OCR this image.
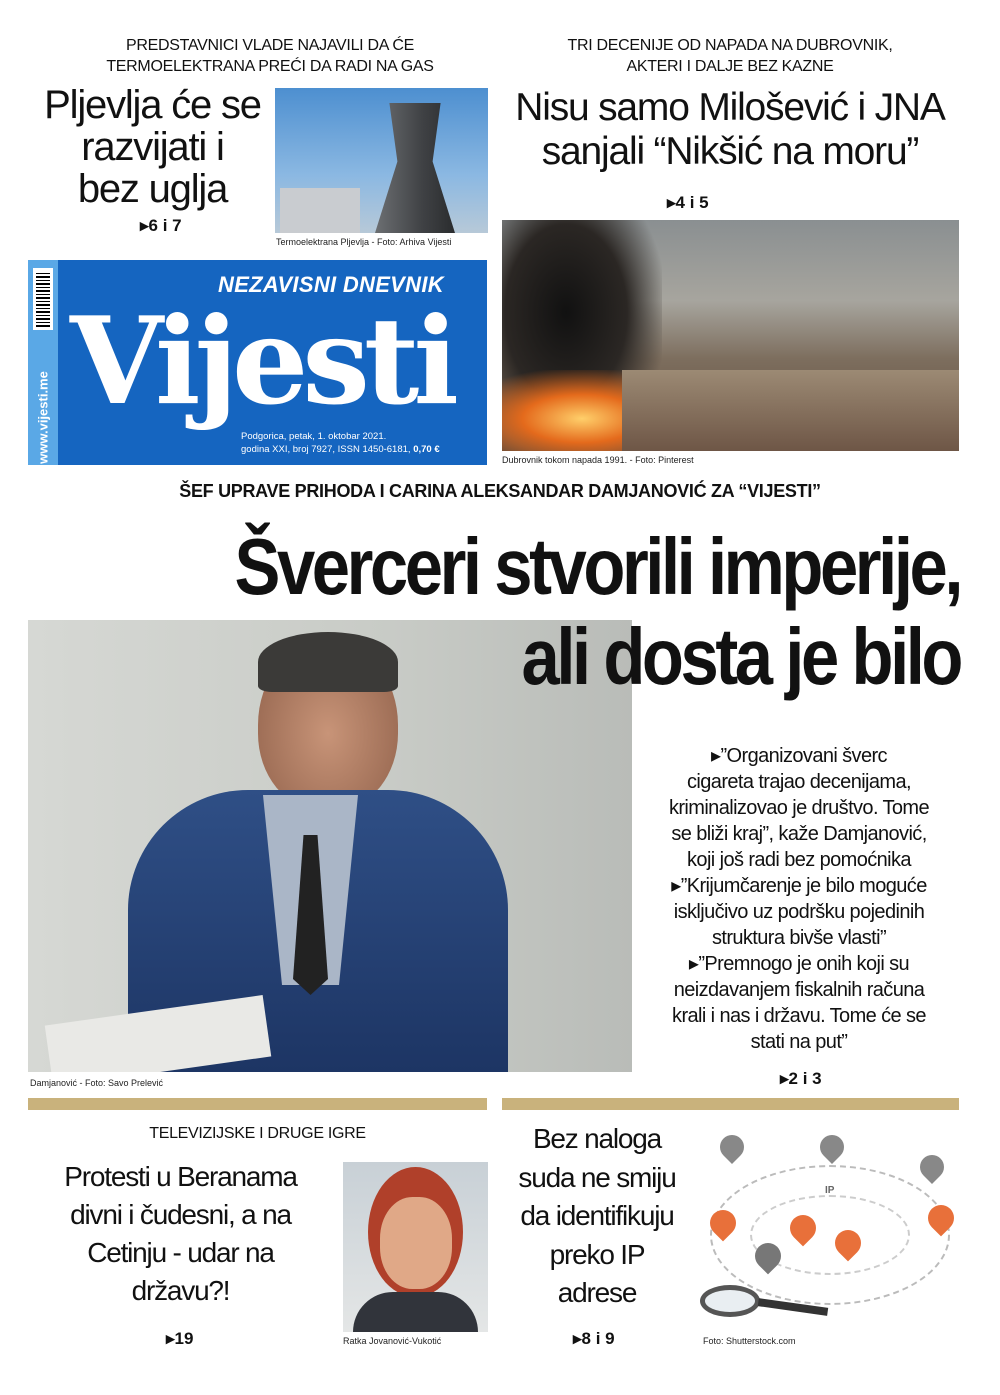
PREDSTAVNICI VLADE NAJAVILI DA ĆE
TERMOELEKTRANA PREĆI DA RADI NA GAS
Pljevlja će se
razvijati i
bez uglja
▸6 i 7
Termoelektrana Pljevlja - Foto: Arhiva Vijesti
TRI DECENIJE OD NAPADA NA DUBROVNIK,
AKTERI I DALJE BEZ KAZNE
Nisu samo Milošević i JNA
sanjali “Nikšić na moru”
▸4 i 5
Dubrovnik tokom napada 1991. - Foto: Pinterest
www.vijesti.me
NEZAVISNI DNEVNIK
Vijesti
Podgorica, petak, 1. oktobar 2021.
godina XXI, broj 7927, ISSN 1450-6181, 0,70 €
ŠEF UPRAVE PRIHODA I CARINA ALEKSANDAR DAMJANOVIĆ ZA “VIJESTI”
Šverceri stvorili imperije,
ali dosta je bilo
Damjanović - Foto: Savo Prelević
▸”Organizovani šverc
cigareta trajao decenijama,
kriminalizovao je društvo. Tome
se bliži kraj”, kaže Damjanović,
koji još radi bez pomoćnika
▸”Krijumčarenje je bilo moguće
isključivo uz podršku pojedinih
struktura bivše vlasti”
▸”Premnogo je onih koji su
neizdavanjem fiskalnih računa
krali i nas i državu. Tome će se
stati na put”
▸2 i 3
TELEVIZIJSKE I DRUGE IGRE
Protesti u Beranama
divni i čudesni, a na
Cetinju - udar na
državu?!
▸19	Ratka Jovanović-Vukotić
Bez naloga
suda ne smiju
da identifikuju
preko IP
adrese
▸8 i 9
IP
Foto: Shutterstock.com
